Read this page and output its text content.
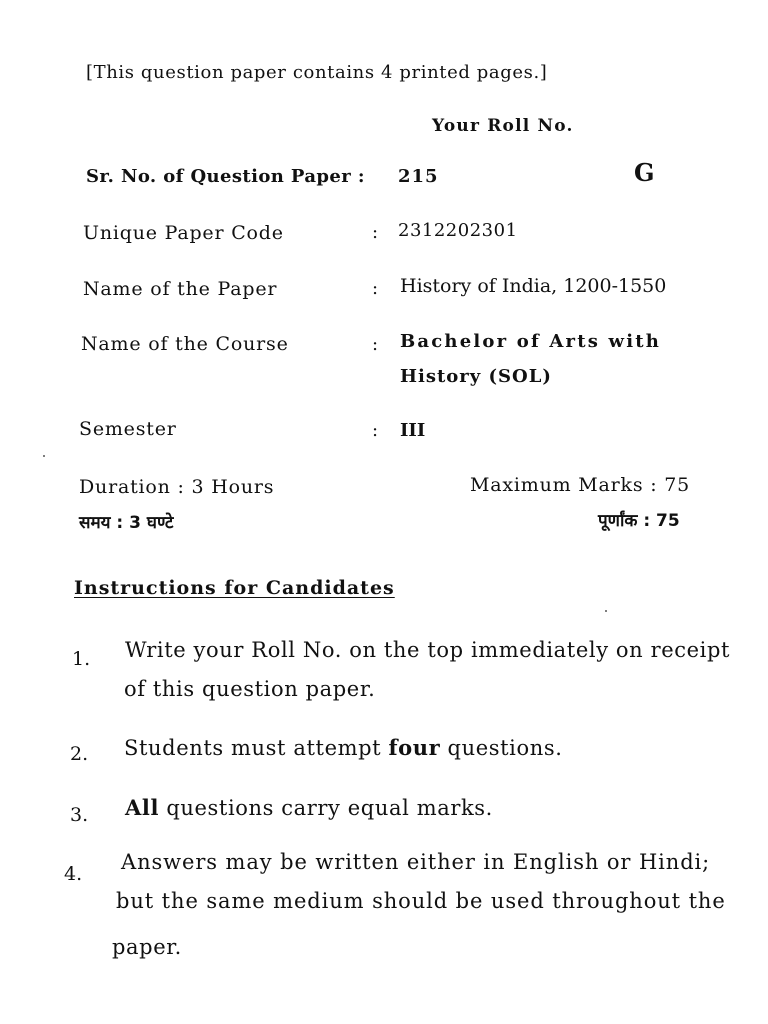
[This question paper contains 4 printed pages.]
Your Roll No.
Sr. No. of Question Paper : 215	G
Unique Paper Code	: 2312202301
Name of the Paper	: History of India, 1200-1550
Name of the Course	: Bachelor of Arts with
History (SOL)
Semester	: III
Duration : 3 Hours	Maximum Marks : 75
समय : 3 घण्टे	पूर्णांक : 75
Instructions for Candidates
1. Write your Roll No. on the top immediately on receipt
of this question paper.
2. Students must attempt four questions.
3. All questions carry equal marks.
4. Answers may be written either in English or Hindi;
but the same medium should be used throughout the
paper.
